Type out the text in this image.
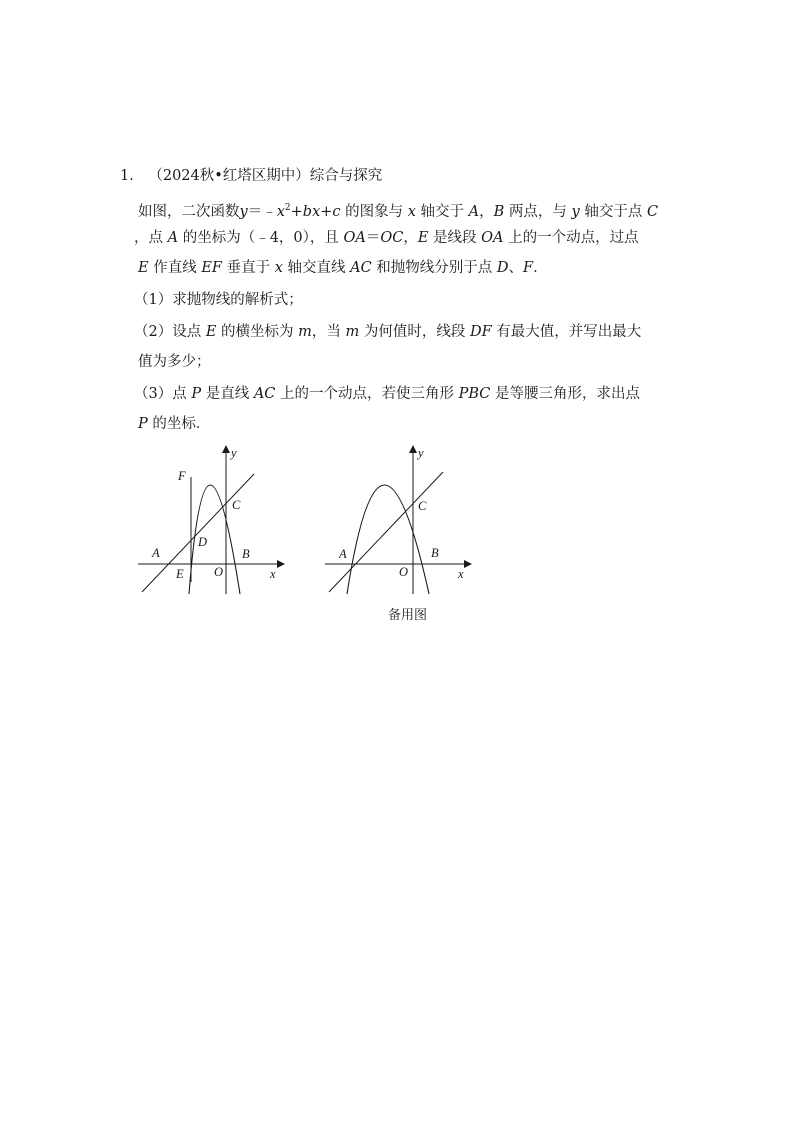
1． （2024秋•红塔区期中）综合与探究
如图，二次函数$y=﹣x^2+bx+c$ 的图象与 x 轴交于 A，B 两点，与 y 轴交于点 C
，点 A 的坐标为（﹣4，0），且 OA＝OC，E 是线段 OA 上的一个动点，过点
E 作直线 EF 垂直于 x 轴交直线 AC 和抛物线分别于点 D、F．
（1）求抛物线的解析式；
（2）设点 E 的横坐标为 m，当 m 为何值时，线段 DF 有最大值，并写出最大
值为多少；
（3）点 P 是直线 AC 上的一个动点，若使三角形 PBC 是等腰三角形，求出点
P 的坐标．
F
y
C
D
A	B
E O	x
y
C
A	B
O	x
备用图
